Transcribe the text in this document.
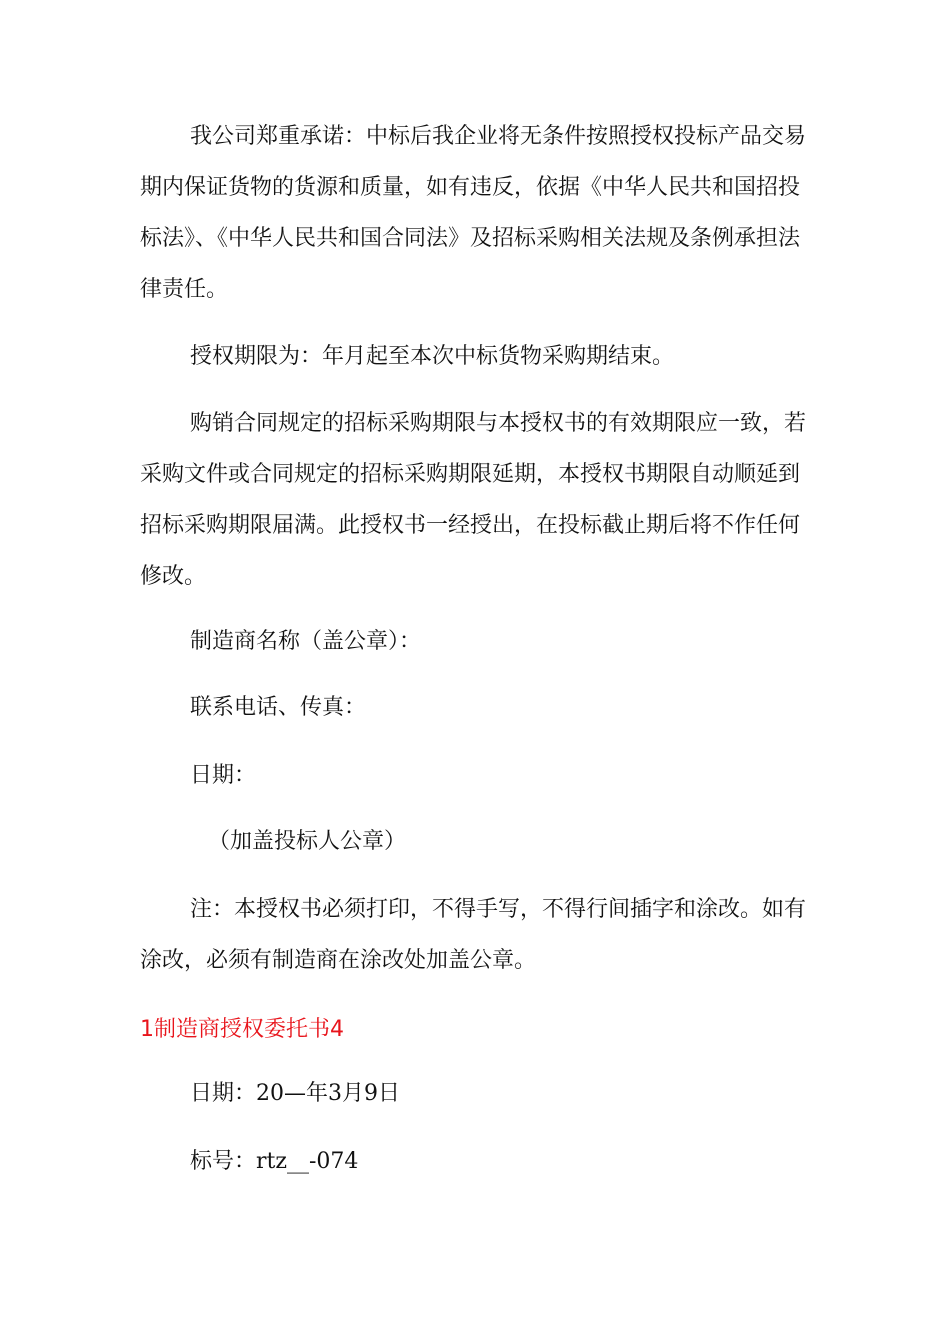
我公司郑重承诺：中标后我企业将无条件按照授权投标产品交易期内保证货物的货源和质量，如有违反，依据《中华人民共和国招投标法》、《中华人民共和国合同法》及招标采购相关法规及条例承担法律责任。

授权期限为：年月起至本次中标货物采购期结束。

购销合同规定的招标采购期限与本授权书的有效期限应一致，若采购文件或合同规定的招标采购期限延期，本授权书期限自动顺延到招标采购期限届满。此授权书一经授出，在投标截止期后将不作任何修改。

制造商名称（盖公章）：

联系电话、传真：

日期：

（加盖投标人公章）

注：本授权书必须打印，不得手写，不得行间插字和涂改。如有涂改，必须有制造商在涂改处加盖公章。

1制造商授权委托书4

日期：20—年3月9日

标号：rtz__-074
